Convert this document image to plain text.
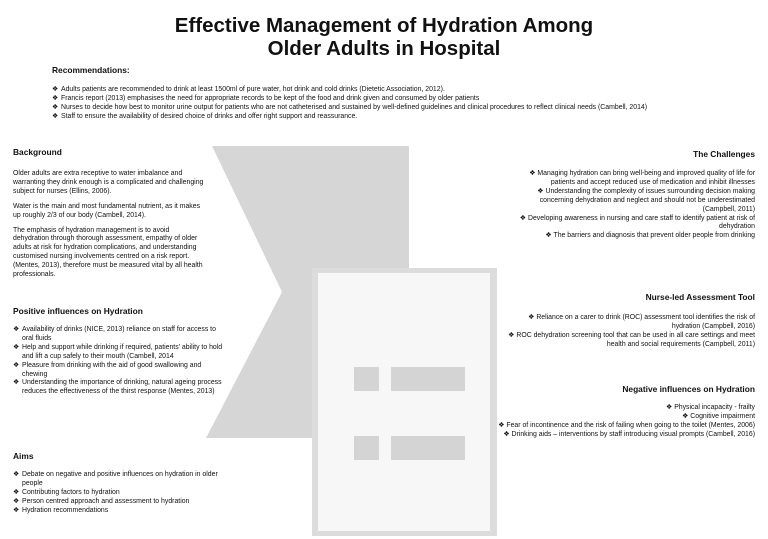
Effective Management of Hydration Among
Older Adults in Hospital
Recommendations:
❖ Adults patients are recommended to drink at least 1500ml of pure water, hot drink and cold drinks (Dietetic Association, 2012).
❖ Francis report (2013) emphasises the need for appropriate records to be kept of the food and drink given and consumed by older patients
❖ Nurses to decide how best to monitor urine output for patients who are not catheterised and sustained by well-defined guidelines and clinical procedures to reflect clinical needs (Cambell, 2014)
❖ Staff to ensure the availability of desired choice of drinks and offer right support and reassurance.
Background

Older adults are extra receptive to water imbalance and warranting they drink enough is a complicated and challenging subject for nurses (Ellins, 2006).

Water is the main and most fundamental nutrient, as it makes up roughly 2/3 of our body (Cambell, 2014).

The emphasis of hydration management is to avoid dehydration through thorough assessment, empathy of older adults at risk for hydration complications, and understanding customised nursing involvements centred on a risk report. (Mentes, 2013), therefore must be measured vital by all health professionals.

Positive influences on Hydration
❖ Availability of drinks (NICE, 2013) reliance on staff for access to oral fluids
❖ Help and support while drinking if required, patients' ability to hold and lift a cup safely to their mouth (Cambell, 2014
❖ Pleasure from drinking with the aid of good swallowing and chewing
❖ Understanding the importance of drinking, natural ageing process reduces the effectiveness of the thirst response (Mentes, 2013)
Aims
❖ Debate on negative and positive influences on hydration in older people
❖ Contributing factors to hydration
❖ Person centred approach and assessment to hydration
❖ Hydration recommendations
The Challenges
❖ Managing hydration can bring well-being and improved quality of life for patients and accept reduced use of medication and inhibit illnesses
❖ Understanding the complexity of issues surrounding decision making concerning dehydration and neglect and should not be underestimated (Campbell, 2011)
❖ Developing awareness in nursing and care staff to identify patient at risk of dehydration
❖ The barriers and diagnosis that prevent older people from drinking
Nurse-led Assessment Tool
❖ Reliance on a carer to drink (ROC) assessment tool identifies the risk of hydration (Campbell, 2016)
❖ ROC dehydration screening tool that can be used in all care settings and meet health and social requirements (Campbell, 2011)
Negative influences on Hydration
❖ Physical incapacity - frailty
❖ Cognitive impairment
❖ Fear of incontinence and the risk of failing when going to the toilet (Mentes, 2006)
❖ Drinking aids – interventions by staff introducing visual prompts (Cambell, 2016)
